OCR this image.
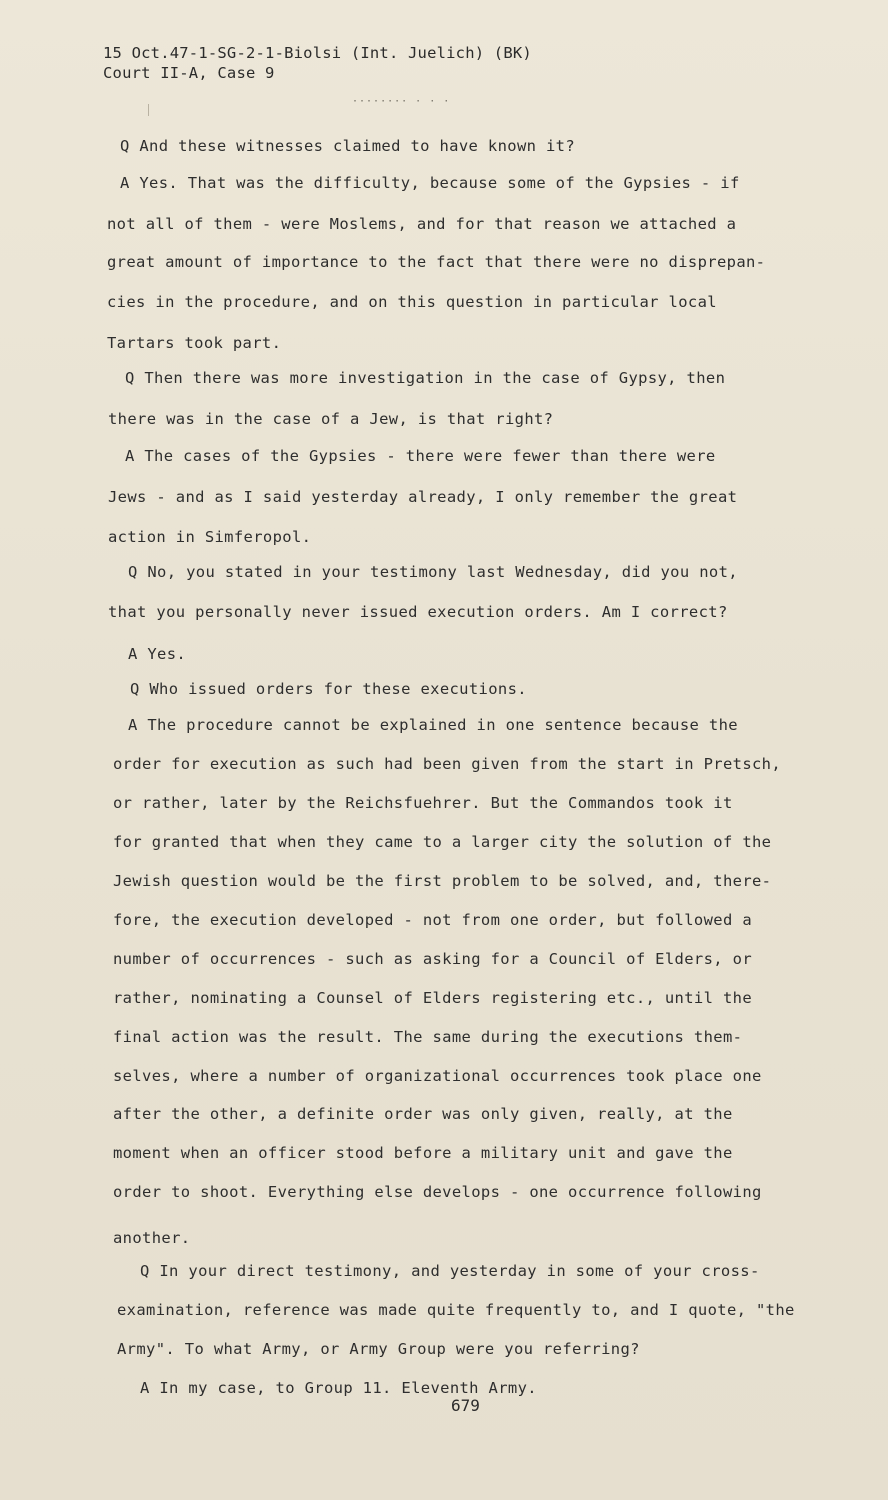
15 Oct.47-1-SG-2-1-Biolsi (Int. Juelich) (BK)
Court II-A, Case 9
········ · · ·
Q And these witnesses claimed to have known it?
A Yes. That was the difficulty, because some of the Gypsies - if
not all of them - were Moslems, and for that reason we attached a
great amount of importance to the fact that there were no disprepan-
cies in the procedure, and on this question in particular local
Tartars took part.
Q Then there was more investigation in the case of Gypsy, then
there was in the case of a Jew, is that right?
A The cases of the Gypsies - there were fewer than there were
Jews - and as I said yesterday already, I only remember the great
action in Simferopol.
Q No, you stated in your testimony last Wednesday, did you not,
that you personally never issued execution orders. Am I correct?
A Yes.
Q Who issued orders for these executions.
A The procedure cannot be explained in one sentence because the
order for execution as such had been given from the start in Pretsch,
or rather, later by the Reichsfuehrer. But the Commandos took it
for granted that when they came to a larger city the solution of the
Jewish question would be the first problem to be solved, and, there-
fore, the execution developed - not from one order, but followed a
number of occurrences - such as asking for a Council of Elders, or
rather, nominating a Counsel of Elders registering etc., until the
final action was the result. The same during the executions them-
selves, where a number of organizational occurrences took place one
after the other, a definite order was only given, really, at the
moment when an officer stood before a military unit and gave the
order to shoot. Everything else develops - one occurrence following
another.
Q In your direct testimony, and yesterday in some of your cross-
examination, reference was made quite frequently to, and I quote, "the
Army". To what Army, or Army Group were you referring?
A In my case, to Group 11. Eleventh Army.
679
